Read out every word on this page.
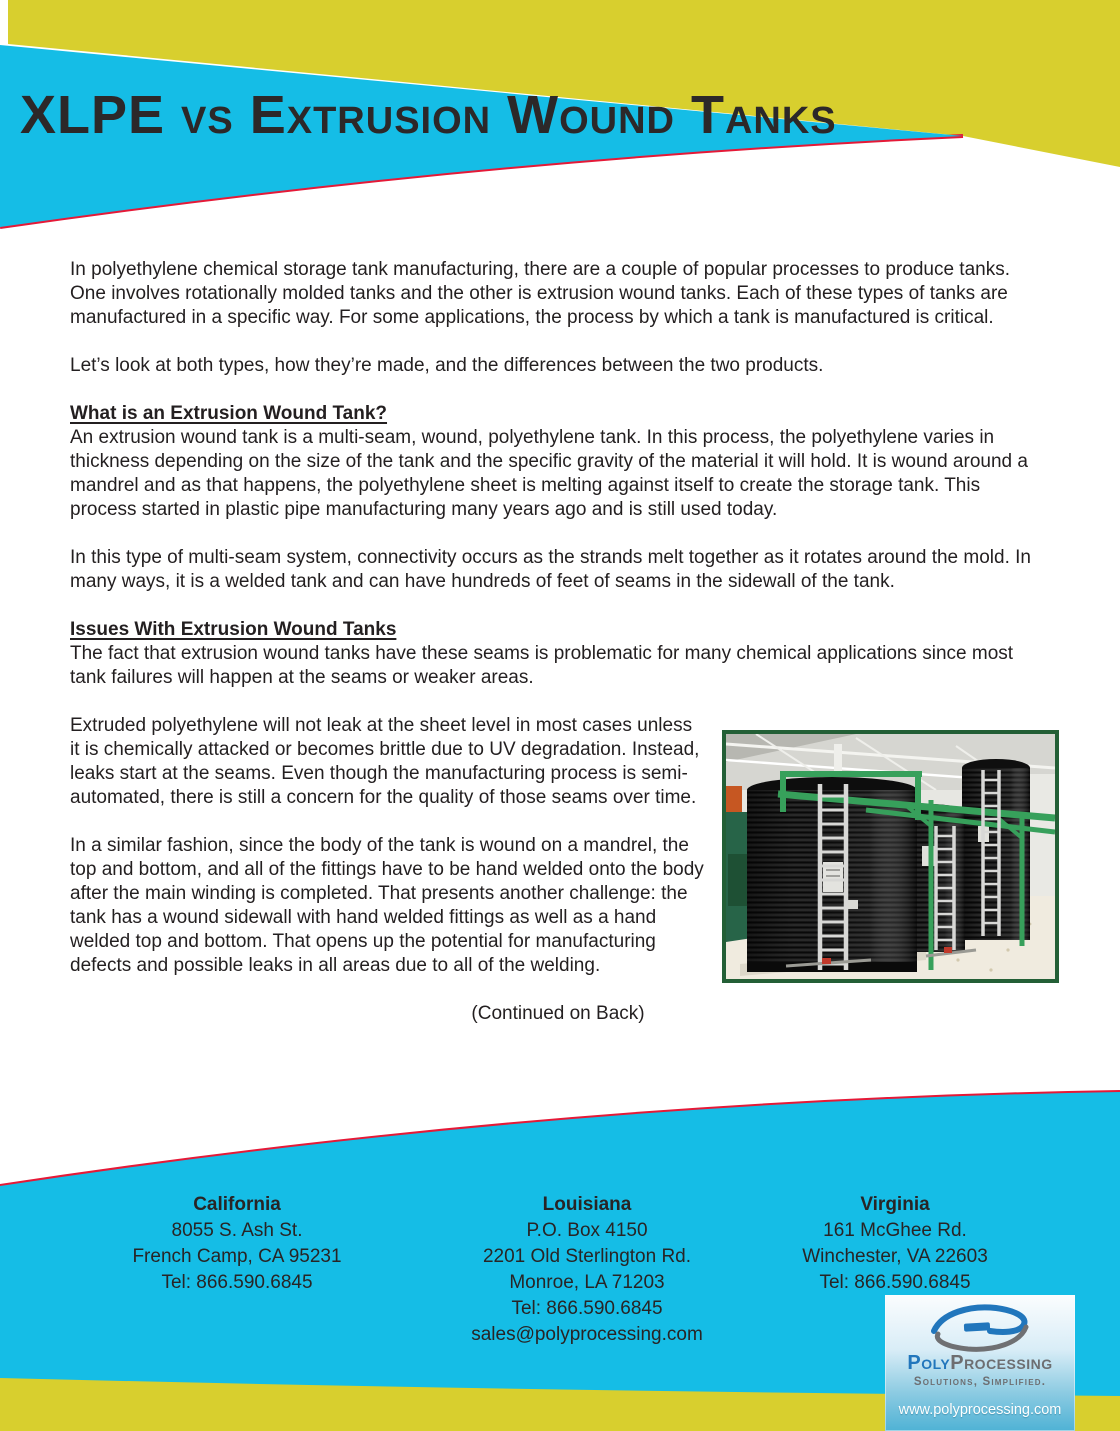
XLPE vs Extrusion Wound Tanks

In polyethylene chemical storage tank manufacturing, there are a couple of popular processes to produce tanks. One involves rotationally molded tanks and the other is extrusion wound tanks. Each of these types of tanks are manufactured in a specific way. For some applications, the process by which a tank is manufactured is critical.

Let’s look at both types, how they’re made, and the differences between the two products.

What is an Extrusion Wound Tank?

An extrusion wound tank is a multi-seam, wound, polyethylene tank. In this process, the polyethylene varies in thickness depending on the size of the tank and the specific gravity of the material it will hold. It is wound around a mandrel and as that happens, the polyethylene sheet is melting against itself to create the storage tank. This process started in plastic pipe manufacturing many years ago and is still used today.

In this type of multi-seam system, connectivity occurs as the strands melt together as it rotates around the mold. In many ways, it is a welded tank and can have hundreds of feet of seams in the sidewall of the tank.

Issues With Extrusion Wound Tanks

The fact that extrusion wound tanks have these seams is problematic for many chemical applications since most tank failures will happen at the seams or weaker areas.

Extruded polyethylene will not leak at the sheet level in most cases unless it is chemically attacked or becomes brittle due to UV degradation. Instead, leaks start at the seams. Even though the manufacturing process is semi-automated, there is still a concern for the quality of those seams over time.

In a similar fashion, since the body of the tank is wound on a mandrel, the top and bottom, and all of the fittings have to be hand welded onto the body after the main winding is completed. That presents another challenge: the tank has a wound sidewall with hand welded fittings as well as a hand welded top and bottom. That opens up the potential for manufacturing defects and possible leaks in all areas due to all of the welding.

(Continued on Back)

California
8055 S. Ash St.
French Camp, CA 95231
Tel: 866.590.6845
Louisiana
P.O. Box 4150
2201 Old Sterlington Rd.
Monroe, LA 71203
Tel: 866.590.6845
sales@polyprocessing.com
Virginia
161 McGhee Rd.
Winchester, VA 22603
Tel: 866.590.6845
PolyProcessing
Solutions, Simplified.
www.polyprocessing.com
